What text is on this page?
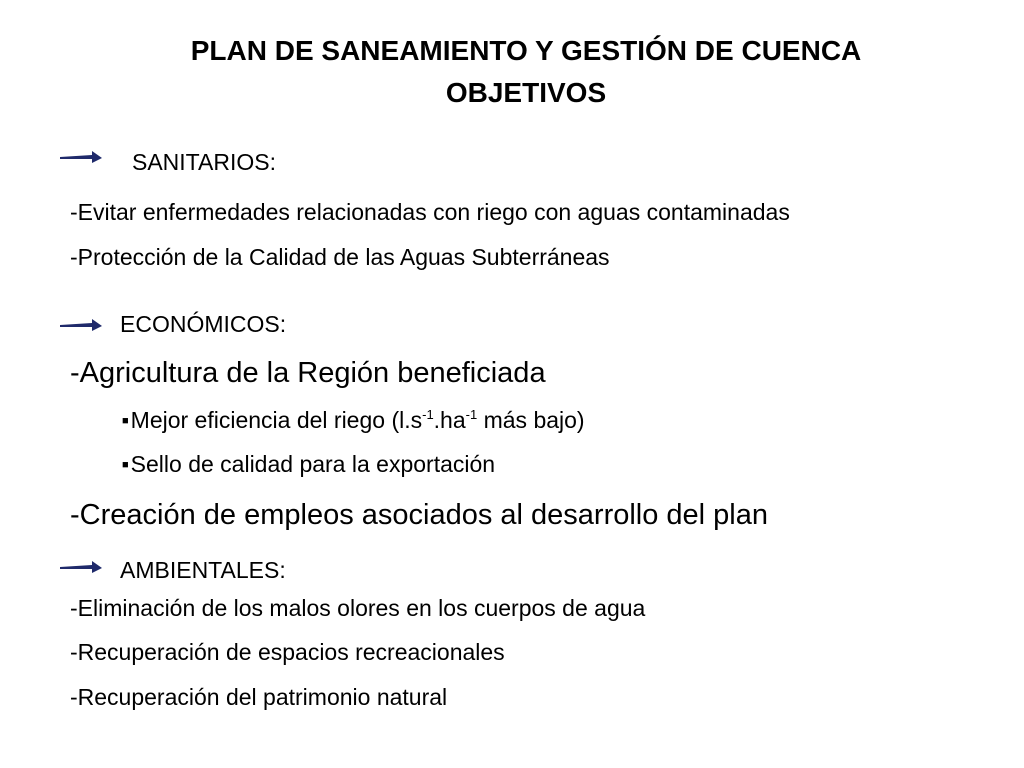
PLAN DE SANEAMIENTO Y GESTIÓN DE CUENCA
OBJETIVOS
SANITARIOS:
-Evitar enfermedades relacionadas con riego con aguas contaminadas
-Protección de la Calidad de las Aguas Subterráneas
ECONÓMICOS:
-Agricultura de la Región beneficiada
■Mejor eficiencia del riego ($l.s^{-1}.ha^{-1}$ más bajo)
■Sello de calidad para la exportación
-Creación de empleos asociados al desarrollo del plan
AMBIENTALES:
-Eliminación de los malos olores en los cuerpos de agua
-Recuperación de espacios recreacionales
-Recuperación del patrimonio natural
